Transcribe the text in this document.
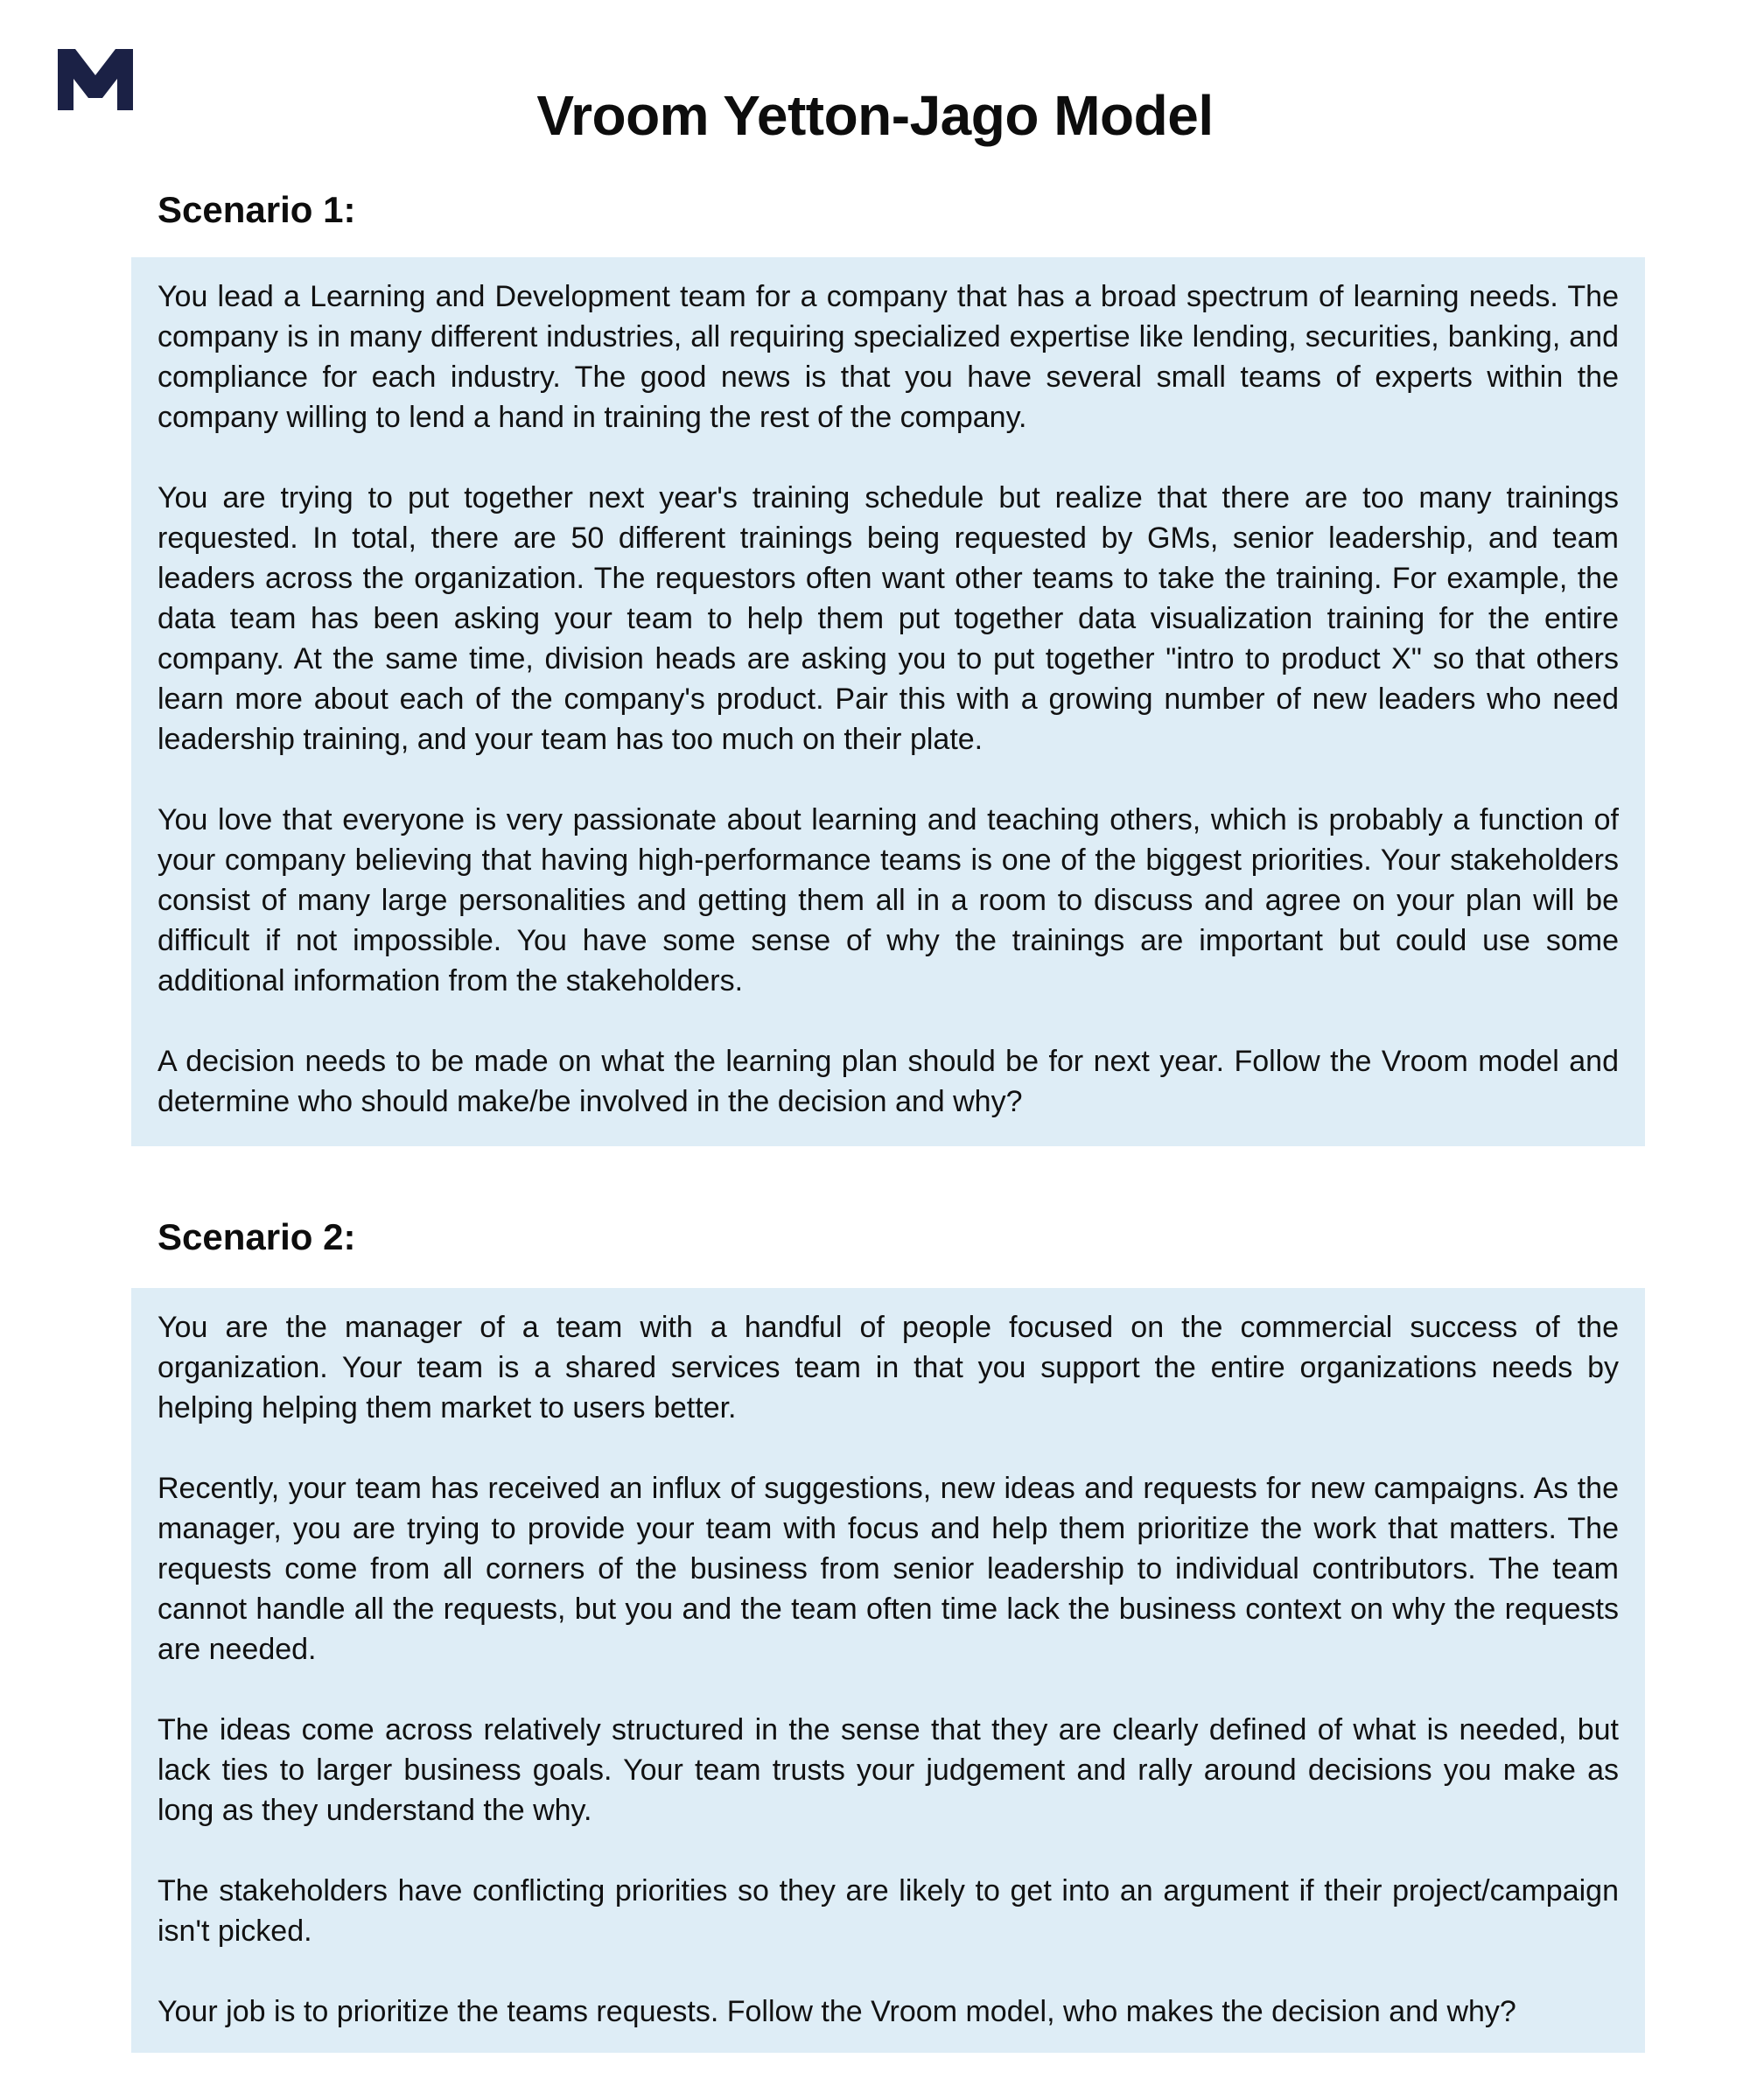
Vroom Yetton-Jago Model
Scenario 1:

You lead a Learning and Development team for a company that has a broad spectrum of learning needs. The company is in many different industries, all requiring specialized expertise like lending, securities, banking, and compliance for each industry. The good news is that you have several small teams of experts within the company willing to lend a hand in training the rest of the company.

You are trying to put together next year's training schedule but realize that there are too many trainings requested. In total, there are 50 different trainings being requested by GMs, senior leadership, and team leaders across the organization. The requestors often want other teams to take the training. For example, the data team has been asking your team to help them put together data visualization training for the entire company. At the same time, division heads are asking you to put together "intro to product X" so that others learn more about each of the company's product. Pair this with a growing number of new leaders who need leadership training, and your team has too much on their plate.

You love that everyone is very passionate about learning and teaching others, which is probably a function of your company believing that having high-performance teams is one of the biggest priorities. Your stakeholders consist of many large personalities and getting them all in a room to discuss and agree on your plan will be difficult if not impossible. You have some sense of why the trainings are important but could use some additional information from the stakeholders.

A decision needs to be made on what the learning plan should be for next year. Follow the Vroom model and determine who should make/be involved in the decision and why?

Scenario 2:

You are the manager of a team with a handful of people focused on the commercial success of the organization. Your team is a shared services team in that you support the entire organizations needs by helping helping them market to users better.

Recently, your team has received an influx of suggestions, new ideas and requests for new campaigns. As the manager, you are trying to provide your team with focus and help them prioritize the work that matters. The requests come from all corners of the business from senior leadership to individual contributors. The team cannot handle all the requests, but you and the team often time lack the business context on why the requests are needed.

The ideas come across relatively structured in the sense that they are clearly defined of what is needed, but lack ties to larger business goals. Your team trusts your judgement and rally around decisions you make as long as they understand the why.

The stakeholders have conflicting priorities so they are likely to get into an argument if their project/campaign isn't picked.

Your job is to prioritize the teams requests. Follow the Vroom model, who makes the decision and why?
